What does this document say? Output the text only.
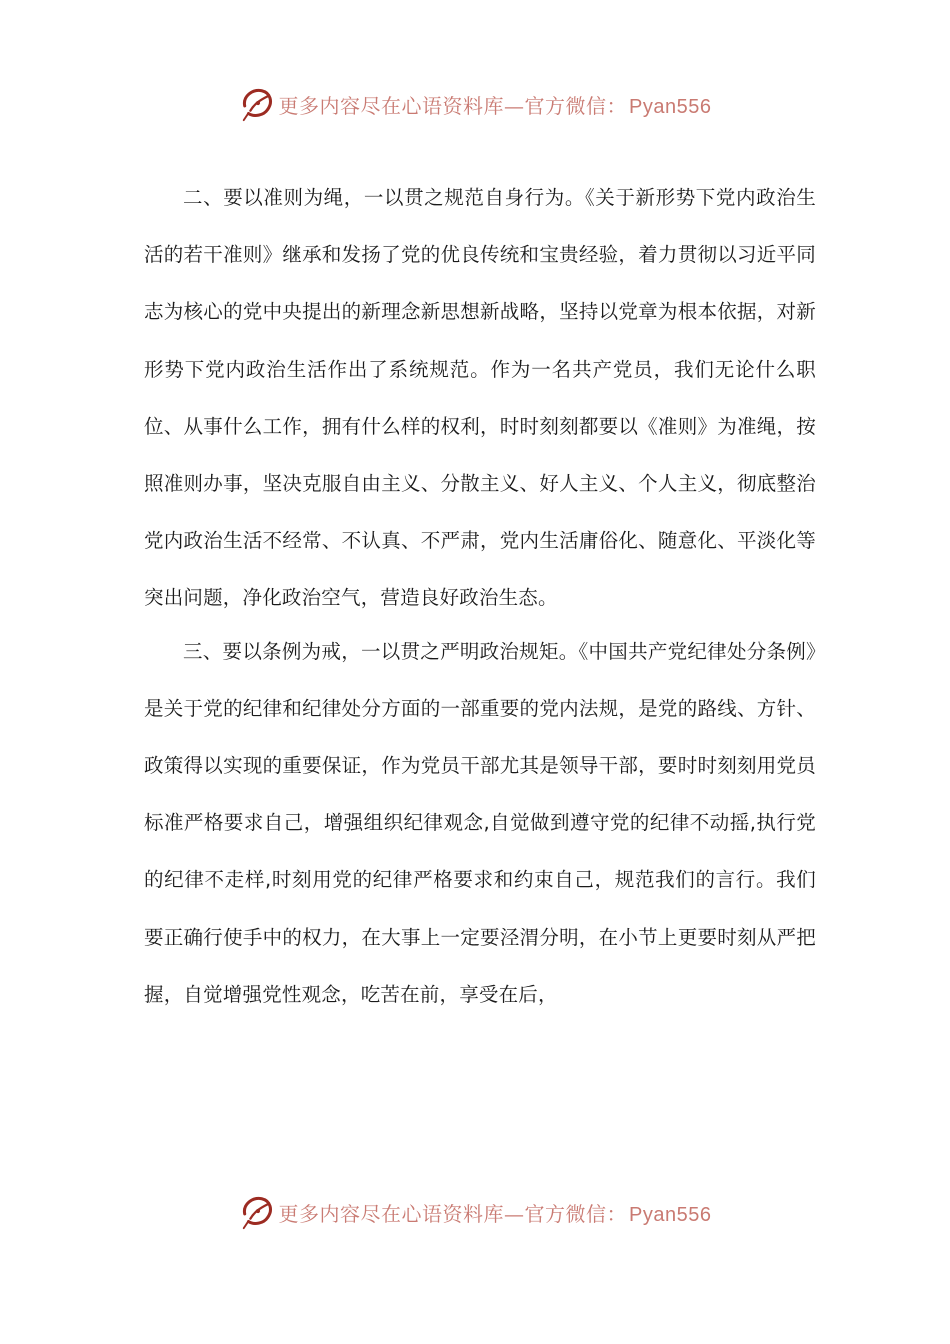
更多内容尽在心语资料库—官方微信： Pyan556

二、要以准则为绳，一以贯之规范自身行为。《关于新形势下党内政治生活的若干准则》继承和发扬了党的优良传统和宝贵经验，着力贯彻以习近平同志为核心的党中央提出的新理念新思想新战略，坚持以党章为根本依据，对新形势下党内政治生活作出了系统规范。作为一名共产党员，我们无论什么职位、从事什么工作，拥有什么样的权利，时时刻刻都要以《准则》为准绳，按照准则办事，坚决克服自由主义、分散主义、好人主义、个人主义，彻底整治党内政治生活不经常、不认真、不严肃，党内生活庸俗化、随意化、平淡化等突出问题，净化政治空气，营造良好政治生态。

三、要以条例为戒，一以贯之严明政治规矩。《中国共产党纪律处分条例》是关于党的纪律和纪律处分方面的一部重要的党内法规，是党的路线、方针、政策得以实现的重要保证，作为党员干部尤其是领导干部，要时时刻刻用党员标准严格要求自己，增强组织纪律观念,自觉做到遵守党的纪律不动摇,执行党的纪律不走样,时刻用党的纪律严格要求和约束自己，规范我们的言行。我们要正确行使手中的权力，在大事上一定要泾渭分明，在小节上更要时刻从严把握，自觉增强党性观念，吃苦在前，享受在后，

更多内容尽在心语资料库—官方微信： Pyan556
